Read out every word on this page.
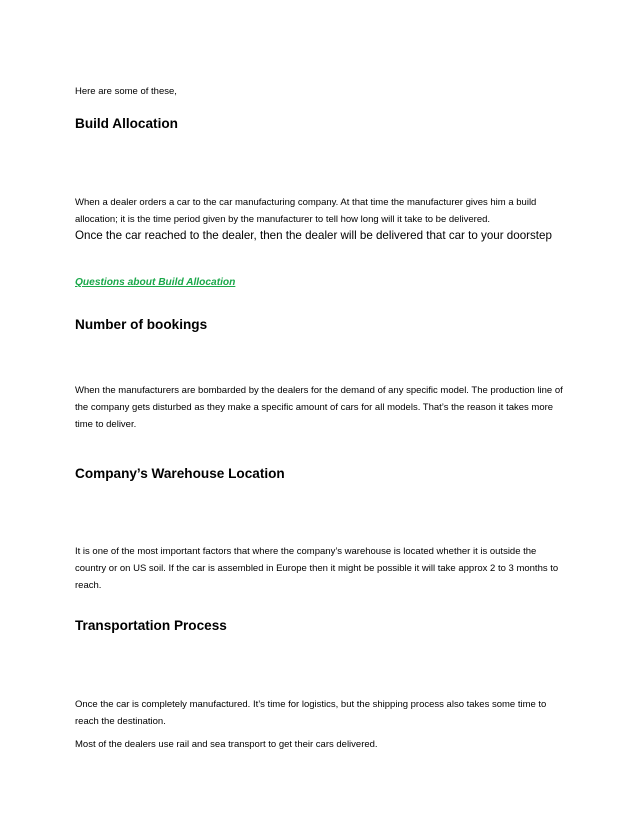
Here are some of these,
Build Allocation
When a dealer orders a car to the car manufacturing company. At that time the manufacturer gives him a build allocation; it is the time period given by the manufacturer to tell how long will it take to be delivered.
Once the car reached to the dealer, then the dealer will be delivered that car to your doorstep
Questions about Build Allocation
Number of bookings
When the manufacturers are bombarded by the dealers for the demand of any specific model. The production line of the company gets disturbed as they make a specific amount of cars for all models. That’s the reason it takes more time to deliver.
Company’s Warehouse Location
It is one of the most important factors that where the company’s warehouse is located whether it is outside the country or on US soil. If the car is assembled in Europe then it might be possible it will take approx 2 to 3 months to reach.
Transportation Process
Once the car is completely manufactured. It’s time for logistics, but the shipping process also takes some time to reach the destination.
Most of the dealers use rail and sea transport to get their cars delivered.
